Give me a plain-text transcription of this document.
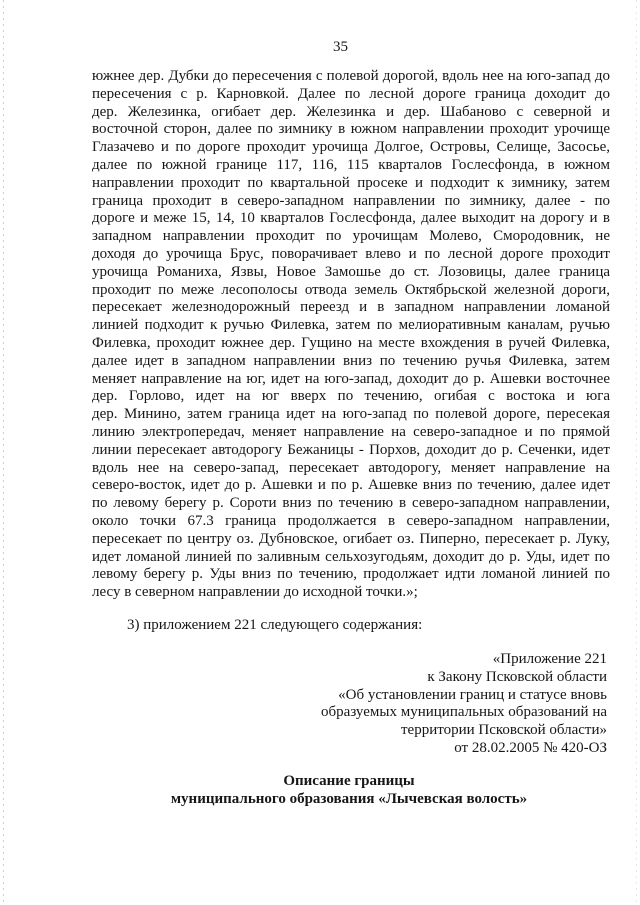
35
южнее дер. Дубки до пересечения с полевой дорогой, вдоль нее на юго-запад до
пересечения с р. Карновкой. Далее по лесной дороге граница доходит до
дер. Железинка, огибает дер. Железинка и дер. Шабаново с северной и
восточной сторон, далее по зимнику в южном направлении проходит урочище
Глазачево и по дороге проходит урочища Долгое, Островы, Селище, Засосье,
далее по южной границе 117, 116, 115 кварталов Гослесфонда, в южном
направлении проходит по квартальной просеке и подходит к зимнику, затем
граница проходит в северо-западном направлении по зимнику, далее - по
дороге и меже 15, 14, 10 кварталов Гослесфонда, далее выходит на дорогу и в
западном направлении проходит по урочищам Молево, Смородовник, не
доходя до урочища Брус, поворачивает влево и по лесной дороге проходит
урочища Романиха, Язвы, Новое Замошье до ст. Лозовицы, далее граница
проходит по меже лесополосы отвода земель Октябрьской железной дороги,
пересекает железнодорожный переезд и в западном направлении ломаной
линией подходит к ручью Филевка, затем по мелиоративным каналам, ручью
Филевка, проходит южнее дер. Гущино на месте вхождения в ручей Филевка,
далее идет в западном направлении вниз по течению ручья Филевка, затем
меняет направление на юг, идет на юго-запад, доходит до р. Ашевки восточнее
дер. Горлово, идет на юг вверх по течению, огибая с востока и юга
дер. Минино, затем граница идет на юго-запад по полевой дороге, пересекая
линию электропередач, меняет направление на северо-западное и по прямой
линии пересекает автодорогу Бежаницы - Порхов, доходит до р. Сеченки, идет
вдоль нее на северо-запад, пересекает автодорогу, меняет направление на
северо-восток, идет до р. Ашевки и по р. Ашевке вниз по течению, далее идет
по левому берегу р. Сороти вниз по течению в северо-западном направлении,
около точки 67.3 граница продолжается в северо-западном направлении,
пересекает по центру оз. Дубновское, огибает оз. Пиперно, пересекает р. Луку,
идет ломаной линией по заливным сельхозугодьям, доходит до р. Уды, идет по
левому берегу р. Уды вниз по течению, продолжает идти ломаной линией по
лесу в северном направлении до исходной точки.»;
3) приложением 221 следующего содержания:
«Приложение 221
к Закону Псковской области
«Об установлении границ и статусе вновь
образуемых муниципальных образований на
территории Псковской области»
от 28.02.2005 № 420-ОЗ
Описание границы
муниципального образования «Лычевская волость»
